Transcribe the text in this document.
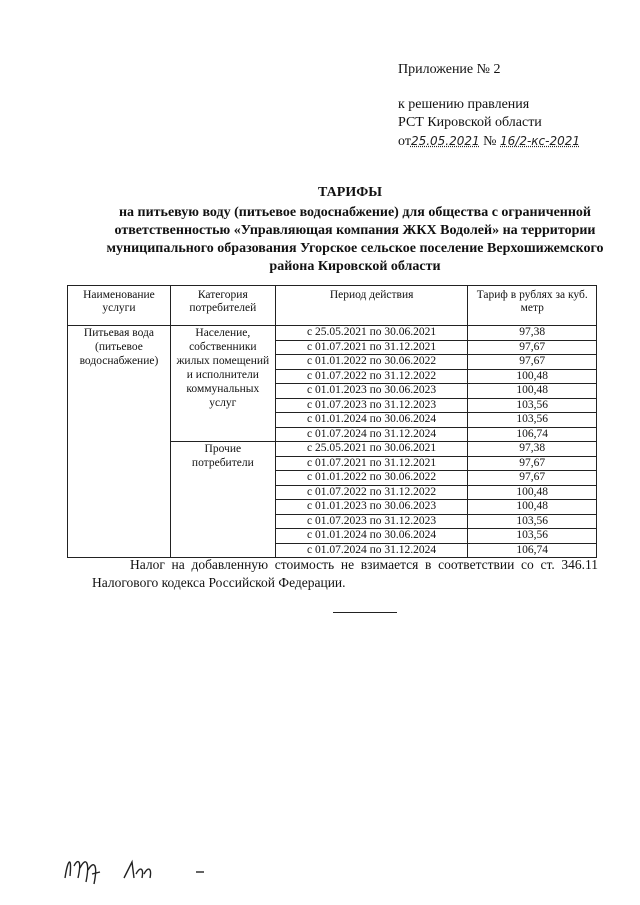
Приложение № 2
к решению правления
РСТ Кировской области
от25.05.2021 № 16/2-кс-2021
ТАРИФЫ
на питьевую воду (питьевое водоснабжение) для общества с ограниченной ответственностью «Управляющая компания ЖКХ Водолей» на территории муниципального образования Угорское сельское поселение Верхошижемского района Кировской области
Наименование услуги	Категория потребителей	Период действия	Тариф в рублях за куб. метр
Питьевая вода (питьевое водоснабжение)	Население, собственники жилых помещений и исполнители коммунальных услуг	с 25.05.2021 по 30.06.2021	97,38
		с 01.07.2021 по 31.12.2021	97,67
		с 01.01.2022 по 30.06.2022	97,67
		с 01.07.2022 по 31.12.2022	100,48
		с 01.01.2023 по 30.06.2023	100,48
		с 01.07.2023 по 31.12.2023	103,56
		с 01.01.2024 по 30.06.2024	103,56
		с 01.07.2024 по 31.12.2024	106,74
	Прочие потребители	с 25.05.2021 по 30.06.2021	97,38
		с 01.07.2021 по 31.12.2021	97,67
		с 01.01.2022 по 30.06.2022	97,67
		с 01.07.2022 по 31.12.2022	100,48
		с 01.01.2023 по 30.06.2023	100,48
		с 01.07.2023 по 31.12.2023	103,56
		с 01.01.2024 по 30.06.2024	103,56
		с 01.07.2024 по 31.12.2024	106,74
Налог на добавленную стоимость не взимается в соответствии со ст. 346.11 Налогового кодекса Российской Федерации.
